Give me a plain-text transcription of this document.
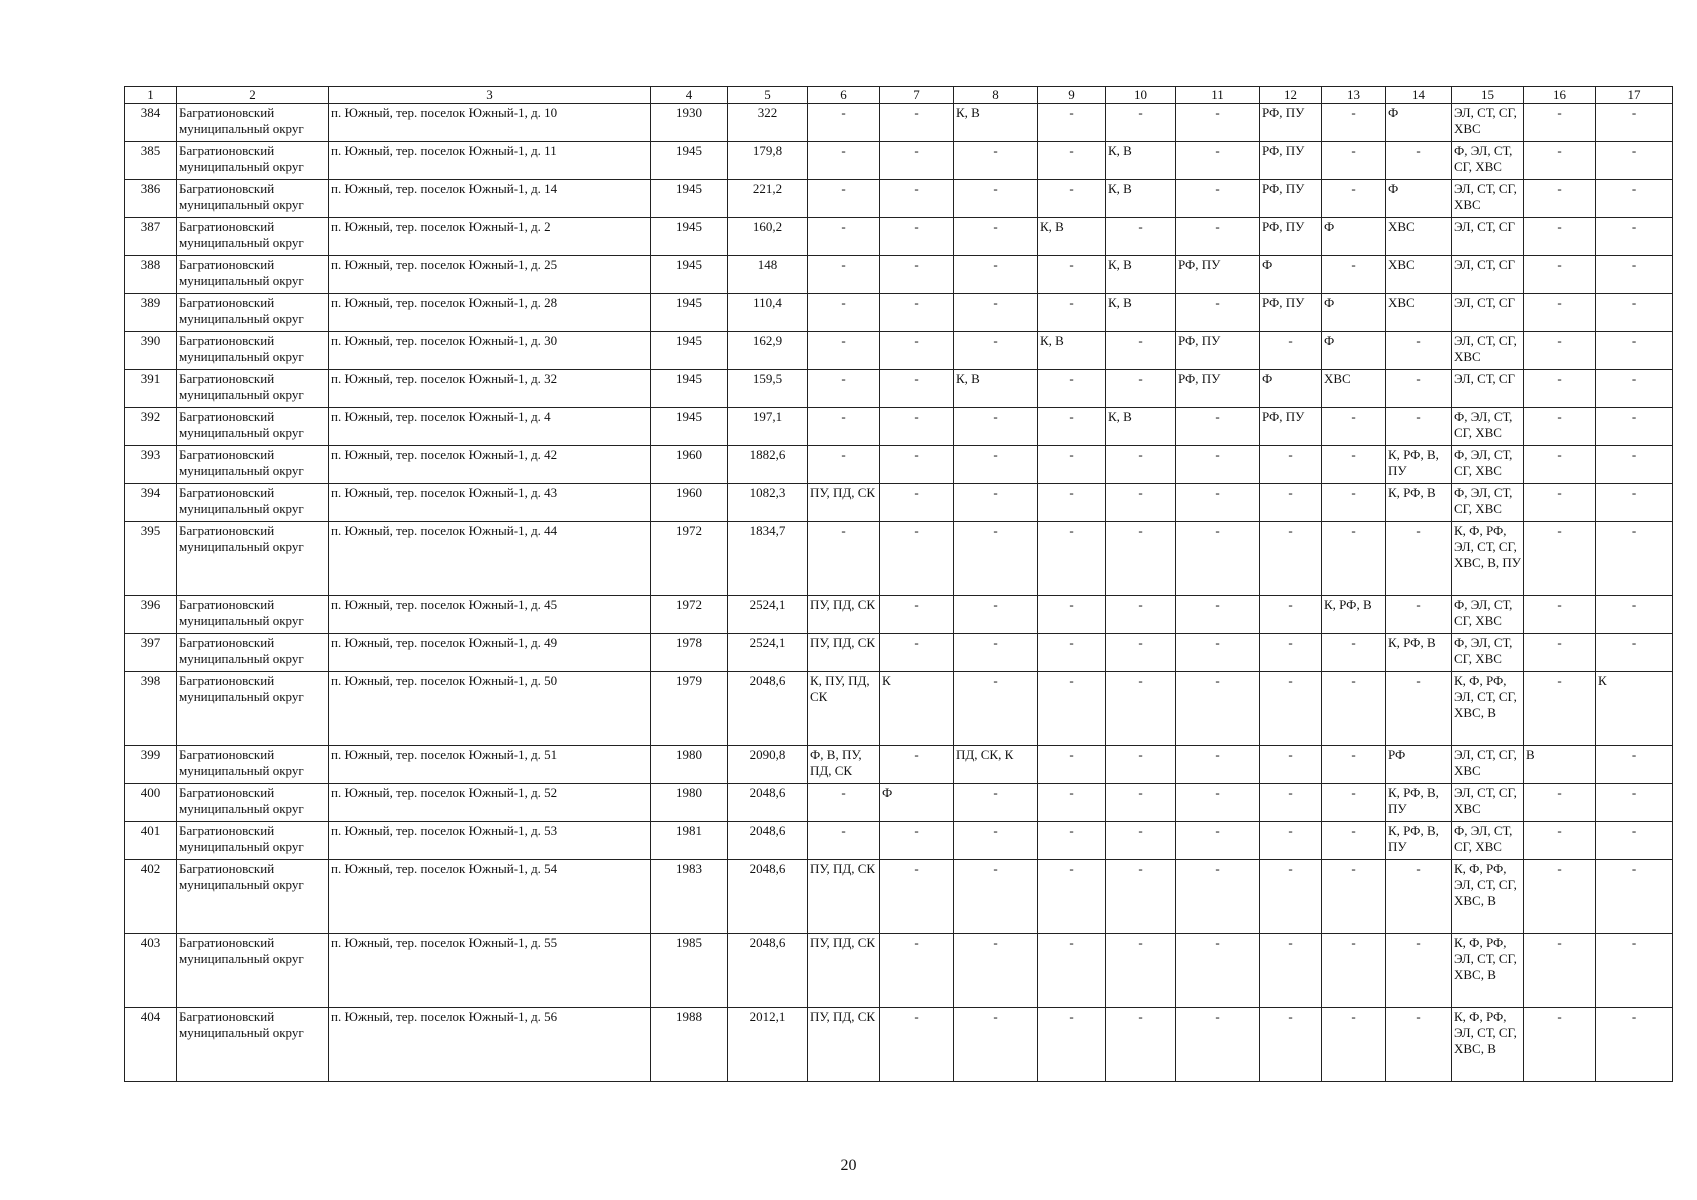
1	2	3	4	5	6	7	8	9	10	11	12	13	14	15	16	17
384	Багратионовский муниципальный округ	п. Южный, тер. поселок Южный-1, д. 10	1930	322	-	-	К, В	-	-	-	РФ, ПУ	-	Ф	ЭЛ, СТ, СГ, ХВС	-	-
385	Багратионовский муниципальный округ	п. Южный, тер. поселок Южный-1, д. 11	1945	179,8	-	-	-	-	К, В	-	РФ, ПУ	-	-	Ф, ЭЛ, СТ, СГ, ХВС	-	-
386	Багратионовский муниципальный округ	п. Южный, тер. поселок Южный-1, д. 14	1945	221,2	-	-	-	-	К, В	-	РФ, ПУ	-	Ф	ЭЛ, СТ, СГ, ХВС	-	-
387	Багратионовский муниципальный округ	п. Южный, тер. поселок Южный-1, д. 2	1945	160,2	-	-	-	К, В	-	-	РФ, ПУ	Ф	ХВС	ЭЛ, СТ, СГ	-	-
388	Багратионовский муниципальный округ	п. Южный, тер. поселок Южный-1, д. 25	1945	148	-	-	-	-	К, В	РФ, ПУ	Ф	-	ХВС	ЭЛ, СТ, СГ	-	-
389	Багратионовский муниципальный округ	п. Южный, тер. поселок Южный-1, д. 28	1945	110,4	-	-	-	-	К, В	-	РФ, ПУ	Ф	ХВС	ЭЛ, СТ, СГ	-	-
390	Багратионовский муниципальный округ	п. Южный, тер. поселок Южный-1, д. 30	1945	162,9	-	-	-	К, В	-	РФ, ПУ	-	Ф	-	ЭЛ, СТ, СГ, ХВС	-	-
391	Багратионовский муниципальный округ	п. Южный, тер. поселок Южный-1, д. 32	1945	159,5	-	-	К, В	-	-	РФ, ПУ	Ф	ХВС	-	ЭЛ, СТ, СГ	-	-
392	Багратионовский муниципальный округ	п. Южный, тер. поселок Южный-1, д. 4	1945	197,1	-	-	-	-	К, В	-	РФ, ПУ	-	-	Ф, ЭЛ, СТ, СГ, ХВС	-	-
393	Багратионовский муниципальный округ	п. Южный, тер. поселок Южный-1, д. 42	1960	1882,6	-	-	-	-	-	-	-	-	К, РФ, В, ПУ	Ф, ЭЛ, СТ, СГ, ХВС	-	-
394	Багратионовский муниципальный округ	п. Южный, тер. поселок Южный-1, д. 43	1960	1082,3	ПУ, ПД, СК	-	-	-	-	-	-	-	К, РФ, В	Ф, ЭЛ, СТ, СГ, ХВС	-	-
395	Багратионовский муниципальный округ	п. Южный, тер. поселок Южный-1, д. 44	1972	1834,7	-	-	-	-	-	-	-	-	-	К, Ф, РФ, ЭЛ, СТ, СГ, ХВС, В, ПУ	-	-
396	Багратионовский муниципальный округ	п. Южный, тер. поселок Южный-1, д. 45	1972	2524,1	ПУ, ПД, СК	-	-	-	-	-	-	К, РФ, В	-	Ф, ЭЛ, СТ, СГ, ХВС	-	-
397	Багратионовский муниципальный округ	п. Южный, тер. поселок Южный-1, д. 49	1978	2524,1	ПУ, ПД, СК	-	-	-	-	-	-	-	К, РФ, В	Ф, ЭЛ, СТ, СГ, ХВС	-	-
398	Багратионовский муниципальный округ	п. Южный, тер. поселок Южный-1, д. 50	1979	2048,6	К, ПУ, ПД, СК	К	-	-	-	-	-	-	-	К, Ф, РФ, ЭЛ, СТ, СГ, ХВС, В	-	К
399	Багратионовский муниципальный округ	п. Южный, тер. поселок Южный-1, д. 51	1980	2090,8	Ф, В, ПУ, ПД, СК	-	ПД, СК, К	-	-	-	-	-	РФ	ЭЛ, СТ, СГ, ХВС	В	-
400	Багратионовский муниципальный округ	п. Южный, тер. поселок Южный-1, д. 52	1980	2048,6	-	Ф	-	-	-	-	-	-	К, РФ, В, ПУ	ЭЛ, СТ, СГ, ХВС	-	-
401	Багратионовский муниципальный округ	п. Южный, тер. поселок Южный-1, д. 53	1981	2048,6	-	-	-	-	-	-	-	-	К, РФ, В, ПУ	Ф, ЭЛ, СТ, СГ, ХВС	-	-
402	Багратионовский муниципальный округ	п. Южный, тер. поселок Южный-1, д. 54	1983	2048,6	ПУ, ПД, СК	-	-	-	-	-	-	-	-	К, Ф, РФ, ЭЛ, СТ, СГ, ХВС, В	-	-
403	Багратионовский муниципальный округ	п. Южный, тер. поселок Южный-1, д. 55	1985	2048,6	ПУ, ПД, СК	-	-	-	-	-	-	-	-	К, Ф, РФ, ЭЛ, СТ, СГ, ХВС, В	-	-
404	Багратионовский муниципальный округ	п. Южный, тер. поселок Южный-1, д. 56	1988	2012,1	ПУ, ПД, СК	-	-	-	-	-	-	-	-	К, Ф, РФ, ЭЛ, СТ, СГ, ХВС, В	-	-
20
